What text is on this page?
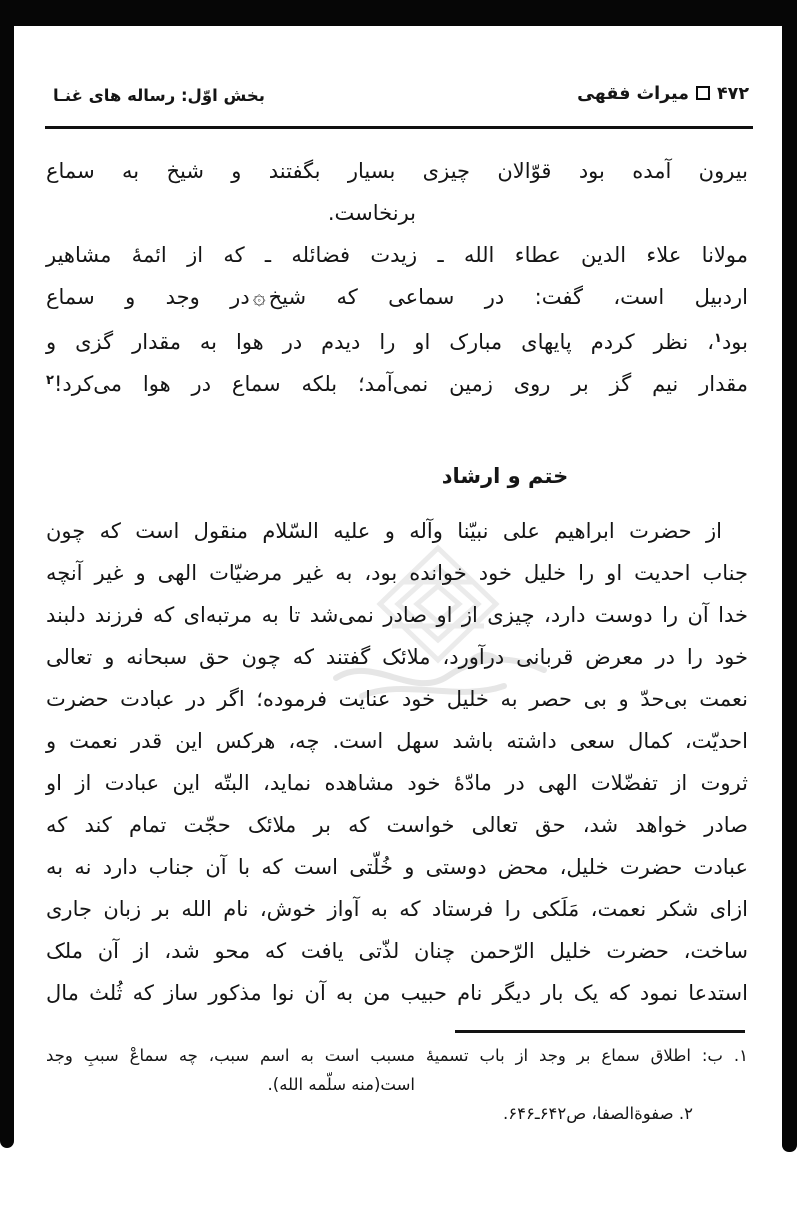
۴۷۲میراث فقهی
بخش اوّل: رساله های غنـا
بیرون آمده بود قوّالان چیزی بسیار بگفتند و شیخ به سماع
برنخاست.
مولانا علاء الدین عطاء الله ـ زیدت فضائله ـ که از ائمهٔ مشاهیر
اردبیل است، گفت: در سماعی که شیخ۞در وجد و سماع
بود$^۱$، نظر کردم پایهای مبارک او را دیدم در هوا به مقدار گزی و
مقدار نیم گز بر روی زمین نمی‌آمد؛ بلکه سماع در هوا می‌کرد!$^۲$
ختم و ارشاد
از حضرت ابراهیم علی نبیّنا وآله و علیه السّلام منقول است که چون
جناب احدیت او را خلیل خود خوانده بود، به غیر مرضیّات الهی و غیر آنچه
خدا آن را دوست دارد، چیزی از او صادر نمی‌شد تا به مرتبه‌ای که فرزند دلبند
خود را در معرض قربانی درآورد، ملائک گفتند که چون حق سبحانه و تعالی
نعمت بی‌حدّ و بی حصر به خلیل خود عنایت فرموده؛ اگر در عبادت حضرت
احدیّت، کمال سعی داشته باشد سهل است. چه، هرکس این قدر نعمت و
ثروت از تفضّلات الهی در مادّهٔ خود مشاهده نماید، البتّه این عبادت از او
صادر خواهد شد، حق تعالی خواست که بر ملائک حجّت تمام کند که
عبادت حضرت خلیل، محض دوستی و خُلّتی است که با آن جناب دارد نه به
ازای شکر نعمت، مَلَکی را فرستاد که به آواز خوش، نام الله بر زبان جاری
ساخت، حضرت خلیل الرّحمن چنان لذّتی یافت که محو شد، از آن ملک
استدعا نمود که یک بار دیگر نام حبیب من به آن نوا مذکور ساز که ثُلث مال
۱. ب: اطلاق سماع بر وجد از باب تسمیهٔ مسبب است به اسم سبب، چه سماعْ سببِ وجد
است(منه سلّمه الله).
۲. صفوةالصفا، ص۶۴۲ـ۶۴۶.
